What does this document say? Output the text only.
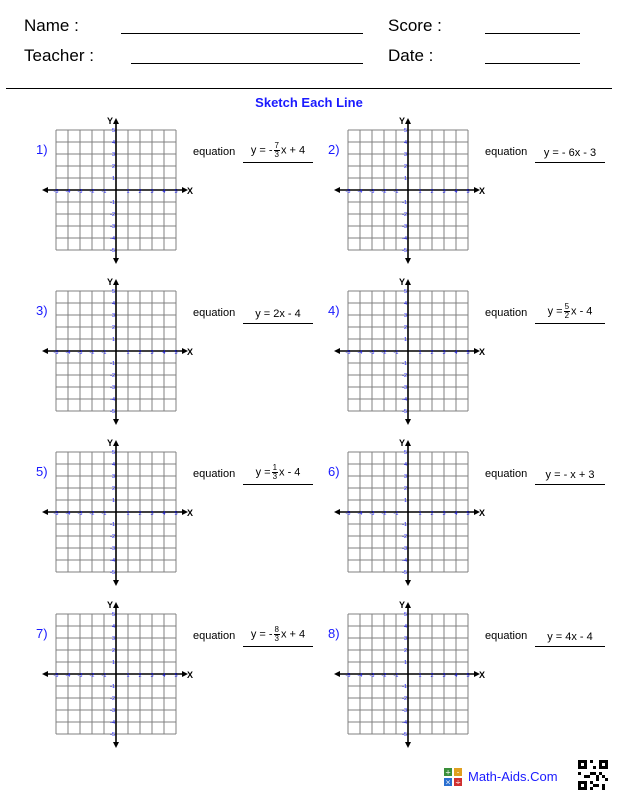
Name :	Score :
Teacher :	Date :
Sketch Each Line
1)
-5 -4 -3 -2 -1	1 2 3 4 5
5
4
3
2
1
-1
-2
-3
-4
-5
X
Y
equation	y = - $\frac{7}{3}$ x + 4	2)
-5 -4 -3 -2 -1	1 2 3 4 5
5
4
3
2
1
-1
-2
-3
-4
-5
X
Y
equation	y = - 6x - 3
3)
-5 -4 -3 -2 -1	1 2 3 4 5
5
4
3
2
1
-1
-2
-3
-4
-5
X
Y
equation	y = 2x - 4	4)
-5 -4 -3 -2 -1	1 2 3 4 5
5
4
3
2
1
-1
-2
-3
-4
-5
X
Y
equation	$y = \frac{5}{2}$ x - 4
5)
-5 -4 -3 -2 -1	1 2 3 4 5
5
4
3
2
1
-1
-2
-3
-4
-5
X
Y
equation	$y = \frac{1}{3}$ x - 4	6)
-5 -4 -3 -2 -1	1 2 3 4 5
5
4
3
2
1
-1
-2
-3
-4
-5
X
Y
equation	y = - x + 3
7)
-5 -4 -3 -2 -1	1 2 3 4 5
5
4
3
2
1
-1
-2
-3
-4
-5
X
Y
equation	y = - $\frac{8}{3}$ x + 4	8)
-5 -4 -3 -2 -1	1 2 3 4 5
5
4
3
2
1
-1
-2
-3
-4
-5
X
Y
equation	y = 4x - 4
+ -
× ÷ Math-Aids.Com
